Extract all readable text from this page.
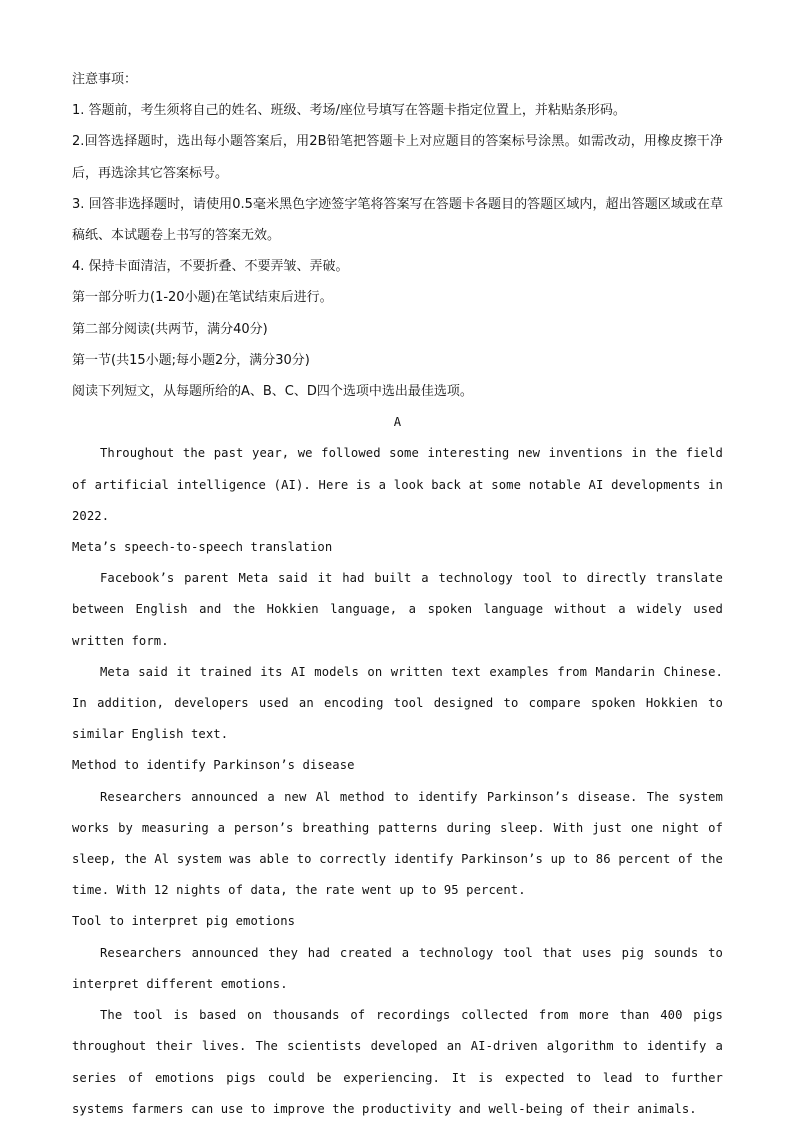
注意事项：

1. 答题前，考生须将自己的姓名、班级、考场/座位号填写在答题卡指定位置上，并粘贴条形码。

2.回答选择题时，选出每小题答案后，用2B铅笔把答题卡上对应题目的答案标号涂黑。如需改动，用橡皮擦干净后，再选涂其它答案标号。

3. 回答非选择题时，请使用0.5毫米黑色字迹签字笔将答案写在答题卡各题目的答题区域内，超出答题区域或在草稿纸、本试题卷上书写的答案无效。

4. 保持卡面清洁，不要折叠、不要弄皱、弄破。

第一部分听力(1-20小题)在笔试结束后进行。

第二部分阅读(共两节，满分40分)

第一节(共15小题;每小题2分，满分30分)

阅读下列短文，从每题所给的A、B、C、D四个选项中选出最佳选项。

A

Throughout the past year, we followed some interesting new inventions in the field of artificial intelligence (AI). Here is a look back at some notable AI developments in 2022.

Meta’s speech-to-speech translation

Facebook’s parent Meta said it had built a technology tool to directly translate between English and the Hokkien language, a spoken language without a widely used written form.

Meta said it trained its AI models on written text examples from Mandarin Chinese. In addition, developers used an encoding tool designed to compare spoken Hokkien to similar English text.

Method to identify Parkinson’s disease

Researchers announced a new Al method to identify Parkinson’s disease. The system works by measuring a person’s breathing patterns during sleep. With just one night of sleep, the Al system was able to correctly identify Parkinson’s up to 86 percent of the time. With 12 nights of data, the rate went up to 95 percent.

Tool to interpret pig emotions

Researchers announced they had created a technology tool that uses pig sounds to interpret different emotions.

The tool is based on thousands of recordings collected from more than 400 pigs throughout their lives. The scientists developed an AI-driven algorithm to identify a series of emotions pigs could be experiencing. It is expected to lead to further systems farmers can use to improve the productivity and well-being of their animals.
